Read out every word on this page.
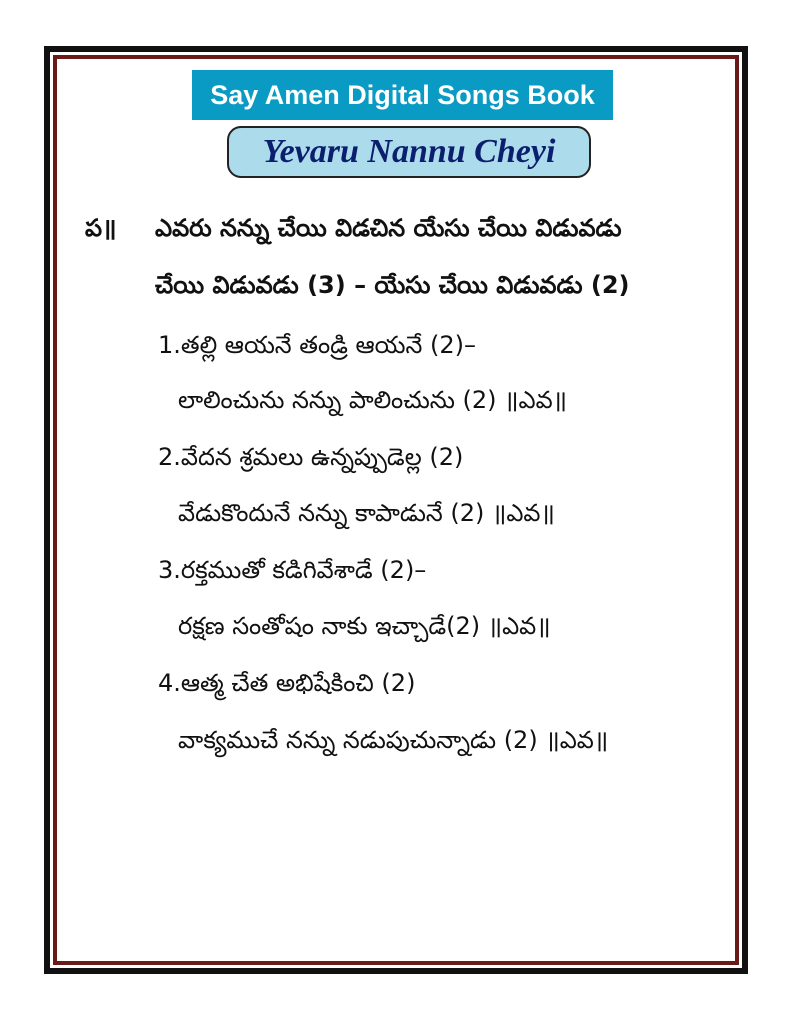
Say Amen Digital Songs Book
Yevaru Nannu Cheyi
ప॥ ఎవరు నన్ను చేయి విడచిన యేసు చేయి విడువడు
చేయి విడువడు (3) – యేసు చేయి విడువడు (2)
1.తల్లి ఆయనే తండ్రి ఆయనే (2)–
లాలించును నన్ను పాలించును (2) ॥ఎవ॥
2.వేదన శ్రమలు ఉన్నప్పుడెల్ల (2)
వేడుకొందునే నన్ను కాపాడునే (2) ॥ఎవ॥
3.రక్తముతో కడిగివేశాడే (2)–
రక్షణ సంతోషం నాకు ఇచ్చాడే(2) ॥ఎవ॥
4.ఆత్మ చేత అభిషేకించి (2)
వాక్యముచే నన్ను నడుపుచున్నాడు (2) ॥ఎవ॥
